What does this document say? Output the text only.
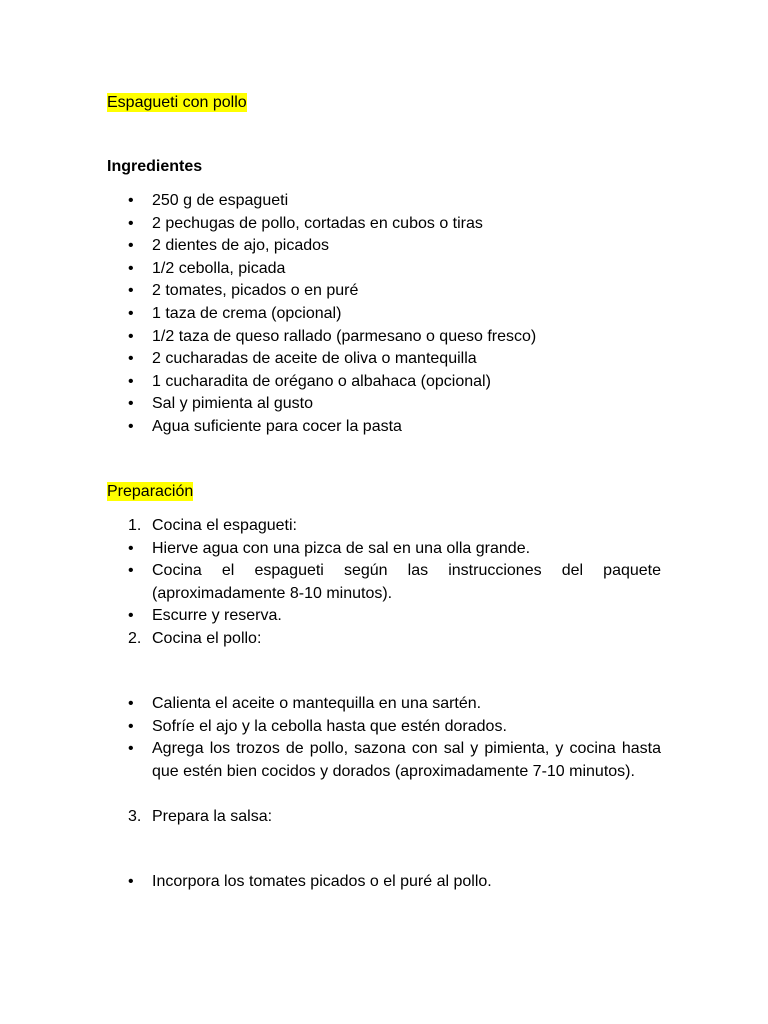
Espagueti con pollo
Ingredientes
•	250 g de espagueti
•	2 pechugas de pollo, cortadas en cubos o tiras
•	2 dientes de ajo, picados
•	1/2 cebolla, picada
•	2 tomates, picados o en puré
•	1 taza de crema (opcional)
•	1/2 taza de queso rallado (parmesano o queso fresco)
•	2 cucharadas de aceite de oliva o mantequilla
•	1 cucharadita de orégano o albahaca (opcional)
•	Sal y pimienta al gusto
•	Agua suficiente para cocer la pasta
Preparación
1. Cocina el espagueti:
•	Hierve agua con una pizca de sal en una olla grande.
•	Cocina el espagueti según las instrucciones del paquete (aproximadamente 8-10 minutos).
•	Escurre y reserva.
2. Cocina el pollo:
•	Calienta el aceite o mantequilla en una sartén.
•	Sofríe el ajo y la cebolla hasta que estén dorados.
•	Agrega los trozos de pollo, sazona con sal y pimienta, y cocina hasta que estén bien cocidos y dorados (aproximadamente 7-10 minutos).
3. Prepara la salsa:
•	Incorpora los tomates picados o el puré al pollo.
